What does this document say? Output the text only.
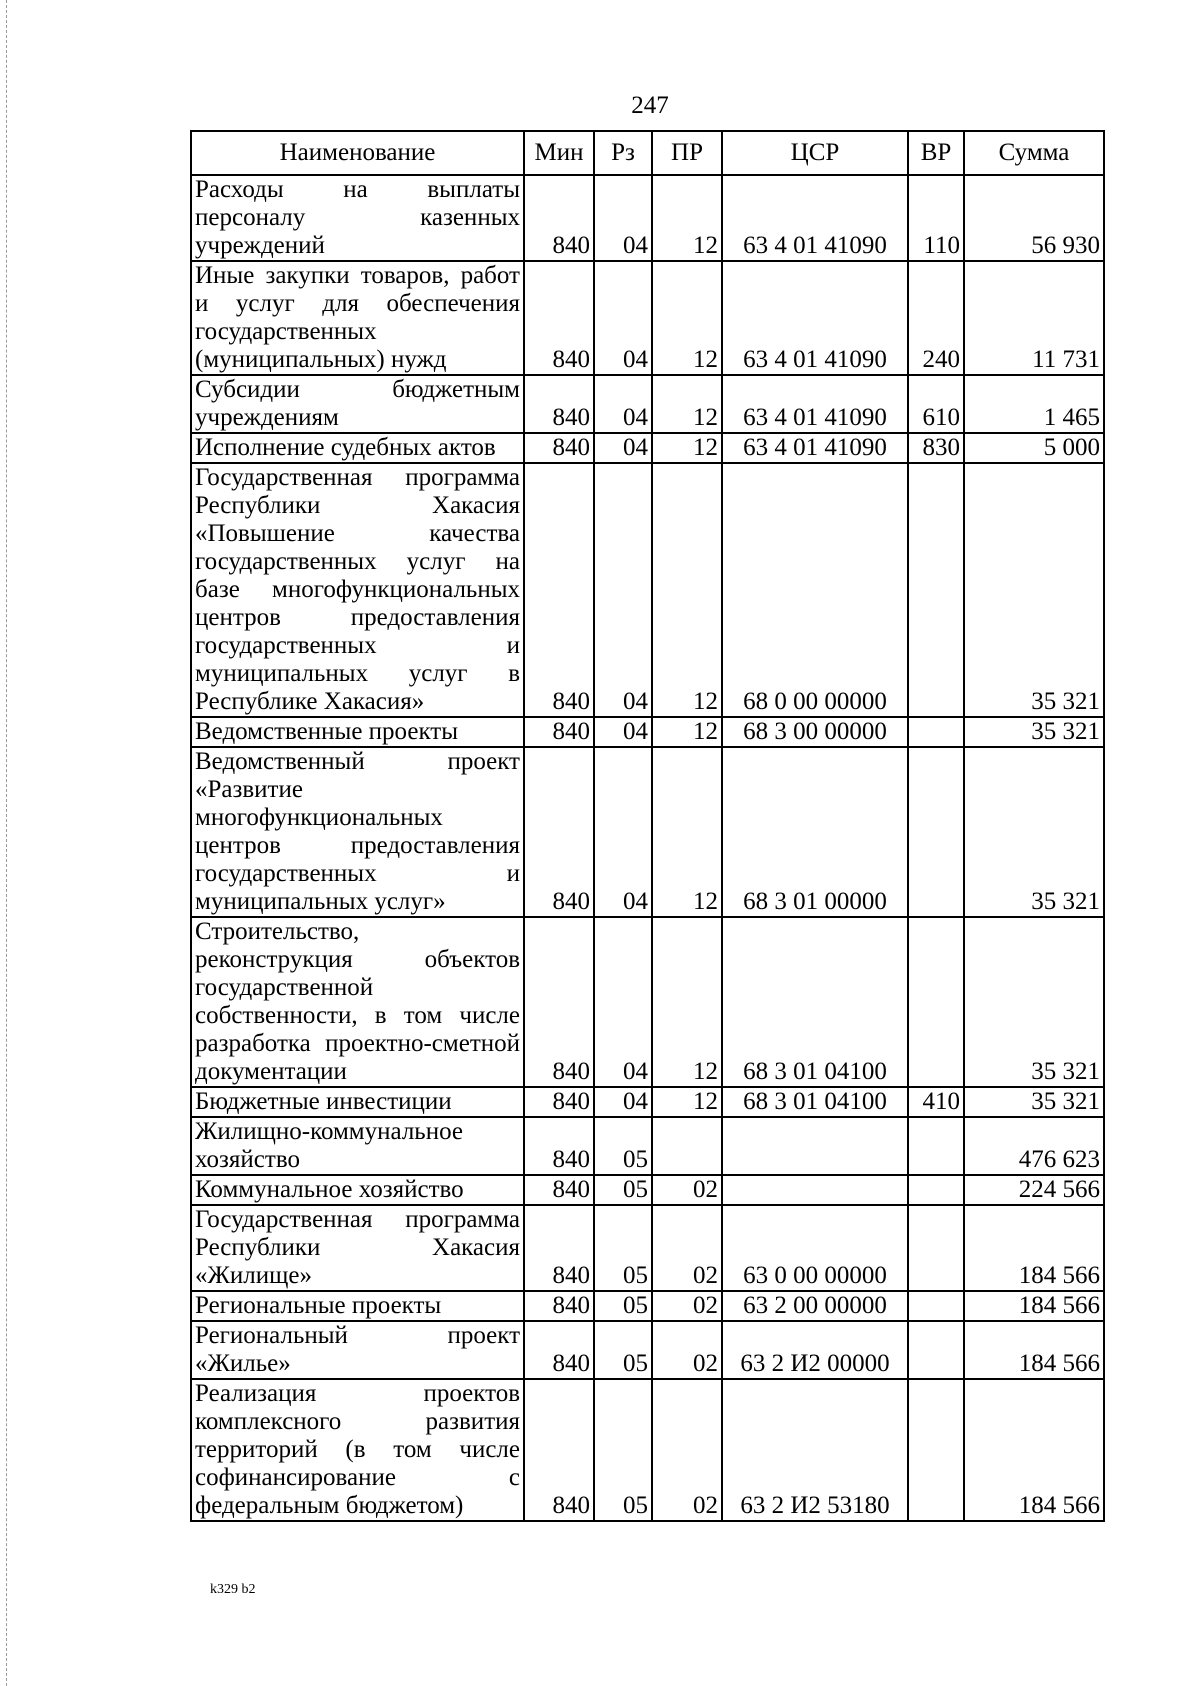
247
Наименование	Мин	Рз	ПР	ЦСР	ВР	Сумма
Расходы на выплаты персоналу казенных учреждений	840	04	12	63 4 01 41090	110	56 930
Иные закупки товаров, работ и услуг для обеспечения государственных (муниципальных) нужд	840	04	12	63 4 01 41090	240	11 731
Субсидии бюджетным учреждениям	840	04	12	63 4 01 41090	610	1 465
Исполнение судебных актов	840	04	12	63 4 01 41090	830	5 000
Государственная программа Республики Хакасия «Повышение качества государственных услуг на базе многофункциональных центров предоставления государственных и муниципальных услуг в Республике Хакасия»	840	04	12	68 0 00 00000		35 321
Ведомственные проекты	840	04	12	68 3 00 00000		35 321
Ведомственный проект «Развитие многофункциональных центров предоставления государственных и муниципальных услуг»	840	04	12	68 3 01 00000		35 321
Строительство, реконструкция объектов государственной собственности, в том числе разработка проектно-сметной документации	840	04	12	68 3 01 04100		35 321
Бюджетные инвестиции	840	04	12	68 3 01 04100	410	35 321
Жилищно-коммунальное хозяйство	840	05				476 623
Коммунальное хозяйство	840	05	02			224 566
Государственная программа Республики Хакасия «Жилище»	840	05	02	63 0 00 00000		184 566
Региональные проекты	840	05	02	63 2 00 00000		184 566
Региональный проект «Жилье»	840	05	02	63 2 И2 00000		184 566
Реализация проектов комплексного развития территорий (в том числе софинансирование с федеральным бюджетом)	840	05	02	63 2 И2 53180		184 566
k329 b2
